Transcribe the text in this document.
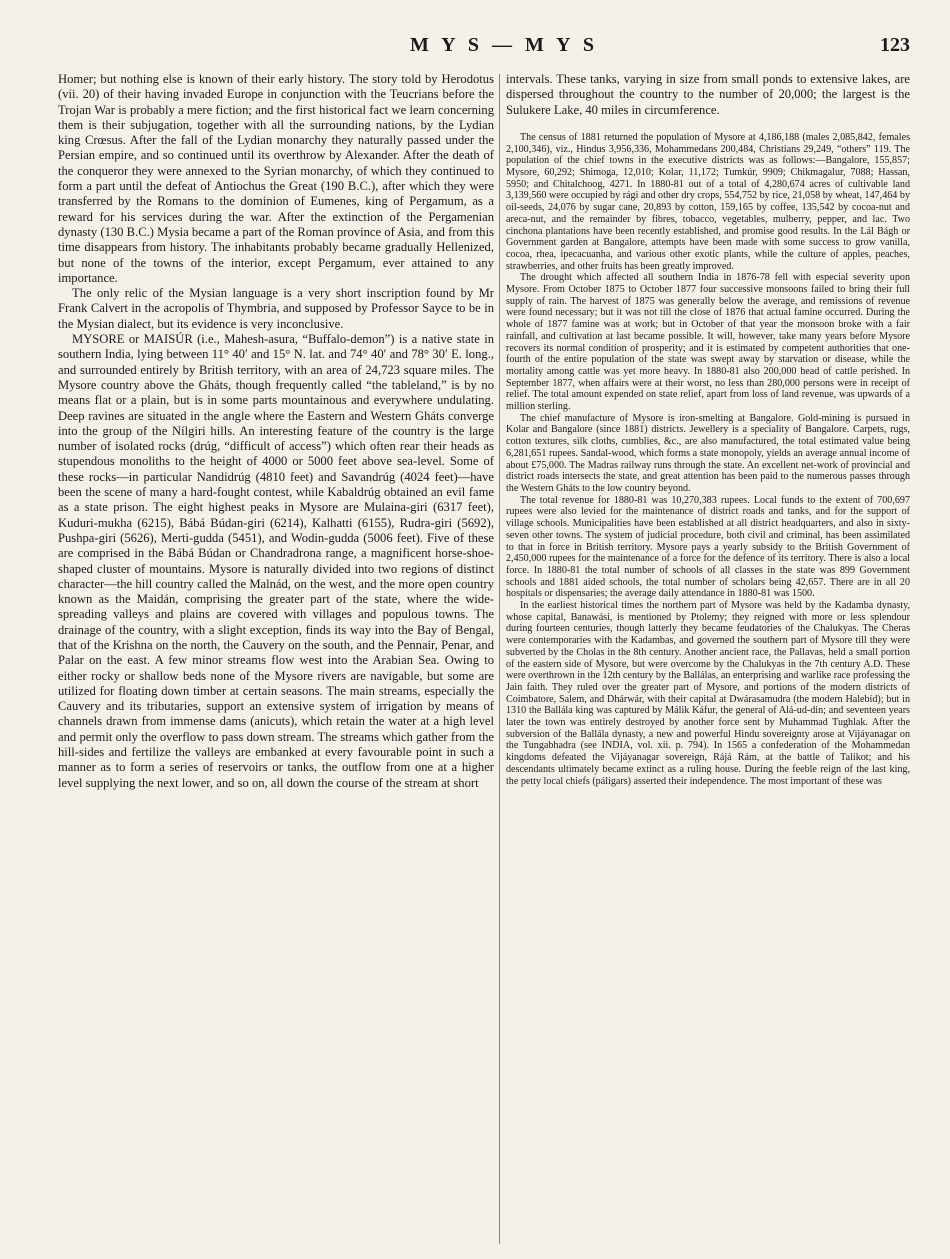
M Y S — M Y S	123

Homer; but nothing else is known of their early history. The story told by Herodotus (vii. 20) of their having invaded Europe in conjunction with the Teucrians before the Trojan War is probably a mere fiction; and the first historical fact we learn concerning them is their subjugation, together with all the surrounding nations, by the Lydian king Crœsus. After the fall of the Lydian monarchy they naturally passed under the Persian empire, and so continued until its overthrow by Alexander. After the death of the conqueror they were annexed to the Syrian monarchy, of which they continued to form a part until the defeat of Antiochus the Great (190 B.C.), after which they were transferred by the Romans to the dominion of Eumenes, king of Pergamum, as a reward for his services during the war. After the extinction of the Pergamenian dynasty (130 B.C.) Mysia became a part of the Roman province of Asia, and from this time disappears from history. The inhabitants probably became gradually Hellenized, but none of the towns of the interior, except Pergamum, ever attained to any importance.

The only relic of the Mysian language is a very short inscription found by Mr Frank Calvert in the acropolis of Thymbria, and supposed by Professor Sayce to be in the Mysian dialect, but its evidence is very inconclusive.

MYSORE or MAISÚR (i.e., Mahesh-asura, “Buffalo-demon”) is a native state in southern India, lying between 11° 40′ and 15° N. lat. and 74° 40′ and 78° 30′ E. long., and surrounded entirely by British territory, with an area of 24,723 square miles. The Mysore country above the Gháts, though frequently called “the tableland,” is by no means flat or a plain, but is in some parts mountainous and everywhere undulating. Deep ravines are situated in the angle where the Eastern and Western Gháts converge into the group of the Nílgiri hills. An interesting feature of the country is the large number of isolated rocks (drúg, “difficult of access”) which often rear their heads as stupendous monoliths to the height of 4000 or 5000 feet above sea-level. Some of these rocks—in particular Nandidrúg (4810 feet) and Savandrúg (4024 feet)—have been the scene of many a hard-fought contest, while Kabaldrúg obtained an evil fame as a state prison. The eight highest peaks in Mysore are Mulaina-giri (6317 feet), Kuduri-mukha (6215), Bábá Búdan-giri (6214), Kalhatti (6155), Rudra-giri (5692), Pushpa-giri (5626), Merti-gudda (5451), and Wodin-gudda (5006 feet). Five of these are comprised in the Bábá Búdan or Chandradrona range, a magnificent horse-shoe-shaped cluster of mountains. Mysore is naturally divided into two regions of distinct character—the hill country called the Malnád, on the west, and the more open country known as the Maidán, comprising the greater part of the state, where the wide-spreading valleys and plains are covered with villages and populous towns. The drainage of the country, with a slight exception, finds its way into the Bay of Bengal, that of the Krishna on the north, the Cauvery on the south, and the Pennair, Penar, and Palar on the east. A few minor streams flow west into the Arabian Sea. Owing to either rocky or shallow beds none of the Mysore rivers are navigable, but some are utilized for floating down timber at certain seasons. The main streams, especially the Cauvery and its tributaries, support an extensive system of irrigation by means of channels drawn from immense dams (anicuts), which retain the water at a high level and permit only the overflow to pass down stream. The streams which gather from the hill-sides and fertilize the valleys are embanked at every favourable point in such a manner as to form a series of reservoirs or tanks, the outflow from one at a higher level supplying the next lower, and so on, all down the course of the stream at short

intervals. These tanks, varying in size from small ponds to extensive lakes, are dispersed throughout the country to the number of 20,000; the largest is the Sulukere Lake, 40 miles in circumference.

The census of 1881 returned the population of Mysore at 4,186,188 (males 2,085,842, females 2,100,346), viz., Hindus 3,956,336, Mohammedans 200,484, Christians 29,249, “others” 119. The population of the chief towns in the executive districts was as follows:—Bangalore, 155,857; Mysore, 60,292; Shimoga, 12,010; Kolar, 11,172; Tumkúr, 9909; Chikmagalur, 7088; Hassan, 5950; and Chitalchoog, 4271. In 1880-81 out of a total of 4,280,674 acres of cultivable land 3,139,560 were occupied by rági and other dry crops, 554,752 by rice, 21,058 by wheat, 147,464 by oil-seeds, 24,076 by sugar cane, 20,893 by cotton, 159,165 by coffee, 135,542 by cocoa-nut and areca-nut, and the remainder by fibres, tobacco, vegetables, mulberry, pepper, and lac. Two cinchona plantations have been recently established, and promise good results. In the Lál Bágh or Government garden at Bangalore, attempts have been made with some success to grow vanilla, cocoa, rhea, ipecacuanha, and various other exotic plants, while the culture of apples, peaches, strawberries, and other fruits has been greatly improved.

The drought which affected all southern India in 1876-78 fell with especial severity upon Mysore. From October 1875 to October 1877 four successive monsoons failed to bring their full supply of rain. The harvest of 1875 was generally below the average, and remissions of revenue were found necessary; but it was not till the close of 1876 that actual famine occurred. During the whole of 1877 famine was at work; but in October of that year the monsoon broke with a fair rainfall, and cultivation at last became possible. It will, however, take many years before Mysore recovers its normal condition of prosperity; and it is estimated by competent authorities that one-fourth of the entire population of the state was swept away by starvation or disease, while the mortality among cattle was yet more heavy. In 1880-81 also 200,000 head of cattle perished. In September 1877, when affairs were at their worst, no less than 280,000 persons were in receipt of relief. The total amount expended on state relief, apart from loss of land revenue, was upwards of a million sterling.

The chief manufacture of Mysore is iron-smelting at Bangalore. Gold-mining is pursued in Kolar and Bangalore (since 1881) districts. Jewellery is a speciality of Bangalore. Carpets, rugs, cotton textures, silk cloths, cumblies, &c., are also manufactured, the total estimated value being 6,281,651 rupees. Sandal-wood, which forms a state monopoly, yields an average annual income of about £75,000. The Madras railway runs through the state. An excellent net-work of provincial and district roads intersects the state, and great attention has been paid to the numerous passes through the Western Gháts to the low country beyond.

The total revenue for 1880-81 was 10,270,383 rupees. Local funds to the extent of 700,697 rupees were also levied for the maintenance of district roads and tanks, and for the support of village schools. Municipalities have been established at all district headquarters, and also in sixty-seven other towns. The system of judicial procedure, both civil and criminal, has been assimilated to that in force in British territory. Mysore pays a yearly subsidy to the British Government of 2,450,000 rupees for the maintenance of a force for the defence of its territory. There is also a local force. In 1880-81 the total number of schools of all classes in the state was 899 Government schools and 1881 aided schools, the total number of scholars being 42,657. There are in all 20 hospitals or dispensaries; the average daily attendance in 1880-81 was 1500.

In the earliest historical times the northern part of Mysore was held by the Kadamba dynasty, whose capital, Banawási, is mentioned by Ptolemy; they reigned with more or less splendour during fourteen centuries, though latterly they became feudatories of the Chalukyas. The Cheras were contemporaries with the Kadambas, and governed the southern part of Mysore till they were subverted by the Cholas in the 8th century. Another ancient race, the Pallavas, held a small portion of the eastern side of Mysore, but were overcome by the Chalukyas in the 7th century A.D. These were overthrown in the 12th century by the Ballálas, an enterprising and warlike race professing the Jain faith. They ruled over the greater part of Mysore, and portions of the modern districts of Coimbatore, Salem, and Dhárwár, with their capital at Dwárasamudra (the modern Halebíd); but in 1310 the Ballála king was captured by Málik Káfur, the general of Alá-ud-din; and seventeen years later the town was entirely destroyed by another force sent by Muhammad Tughlak. After the subversion of the Ballála dynasty, a new and powerful Hindu sovereignty arose at Vijáyanagar on the Tungabhadra (see INDIA, vol. xii. p. 794). In 1565 a confederation of the Mohammedan kingdoms defeated the Vijáyanagar sovereign, Rájá Rám, at the battle of Talikot; and his descendants ultimately became extinct as a ruling house. During the feeble reign of the last king, the petty local chiefs (páligars) asserted their independence. The most important of these was
